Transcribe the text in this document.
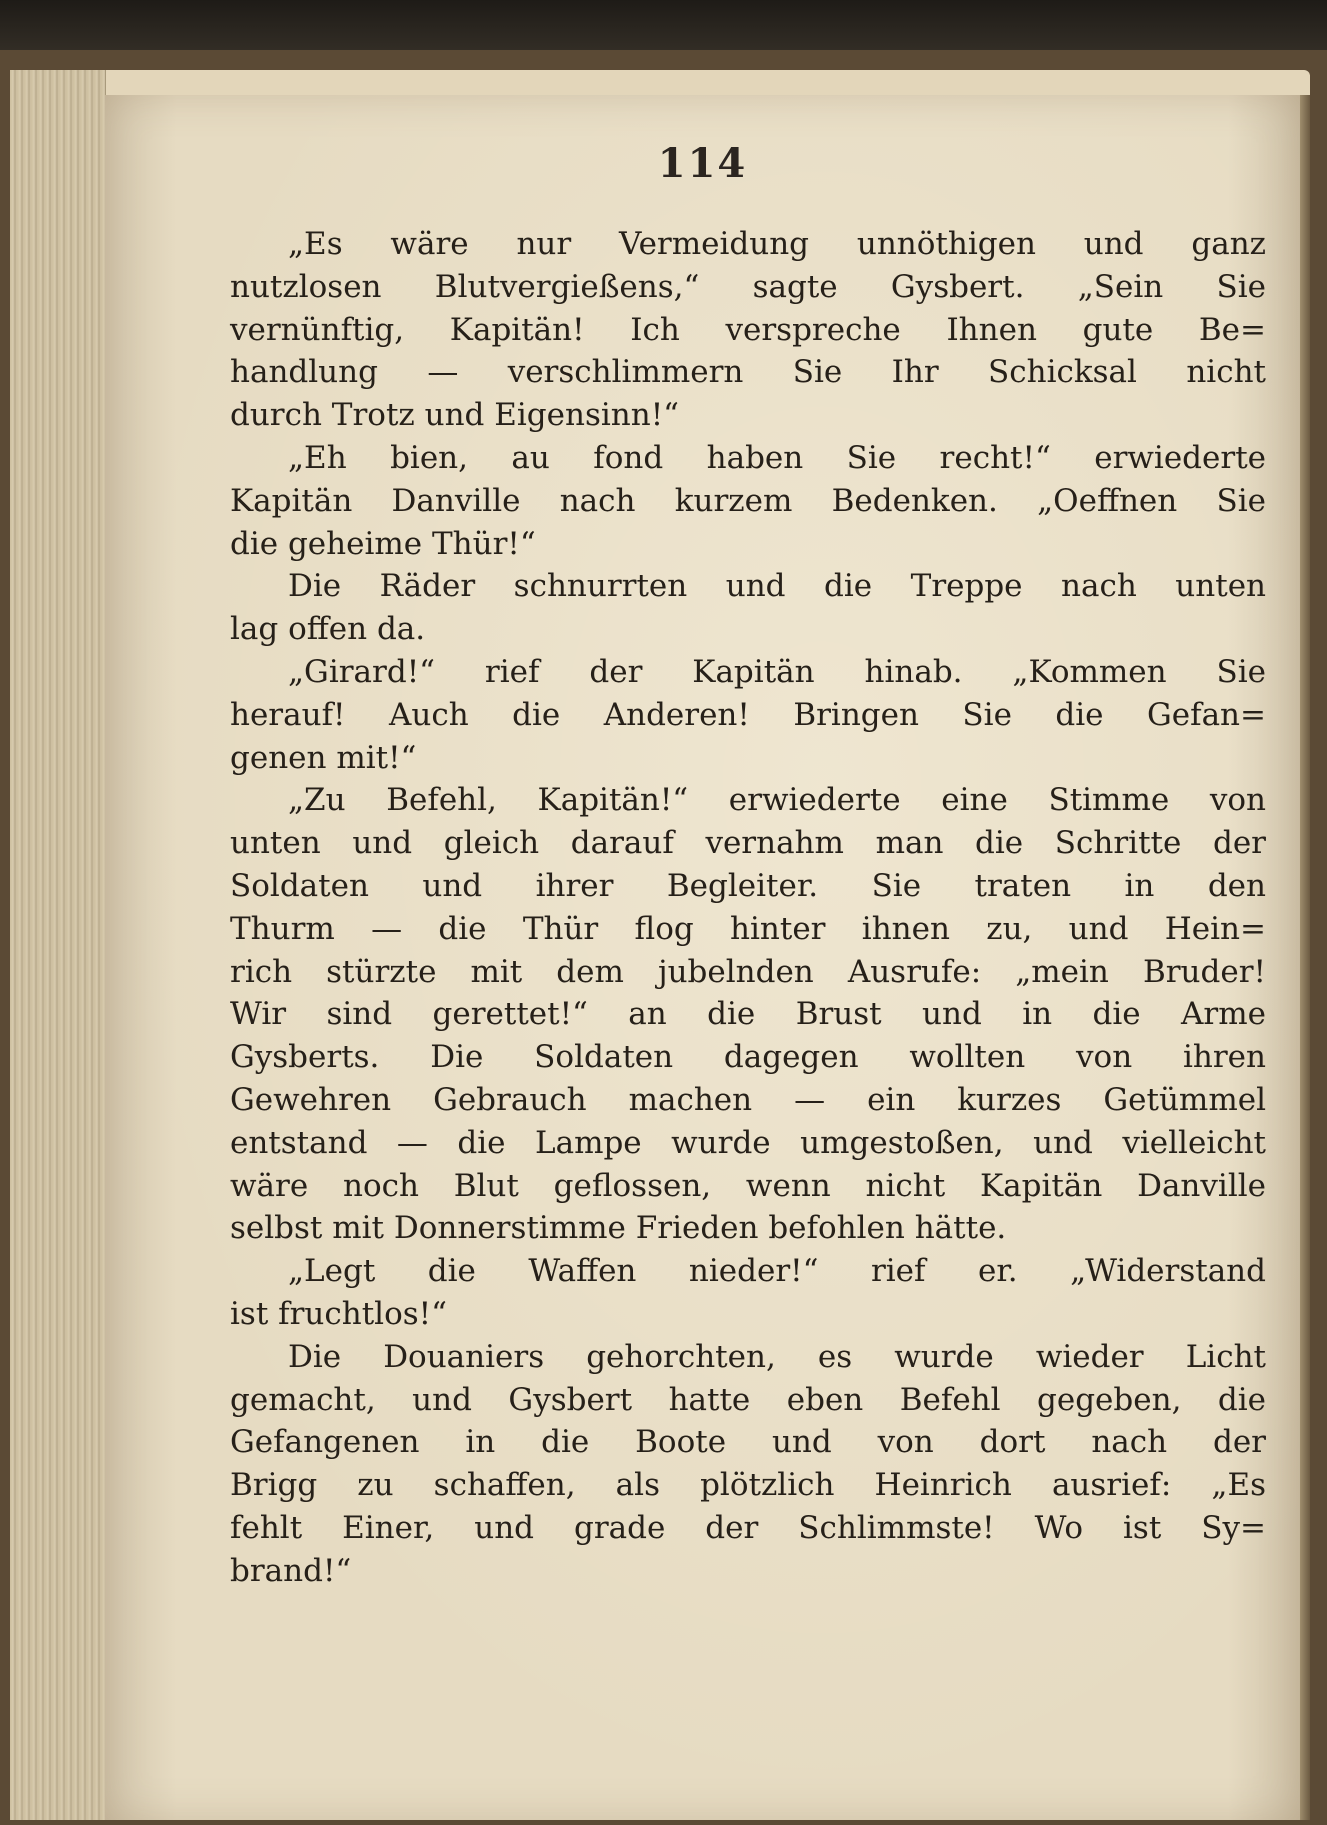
114
„Es wäre nur Vermeidung unnöthigen und ganz
nutzlosen Blutvergießens,“ sagte Gysbert. „Sein Sie
vernünftig, Kapitän! Ich verspreche Ihnen gute Be=
handlung — verschlimmern Sie Ihr Schicksal nicht
durch Trotz und Eigensinn!“
„Eh bien, au fond haben Sie recht!“ erwiederte
Kapitän Danville nach kurzem Bedenken. „Oeffnen Sie
die geheime Thür!“
Die Räder schnurrten und die Treppe nach unten
lag offen da.
„Girard!“ rief der Kapitän hinab. „Kommen Sie
herauf! Auch die Anderen! Bringen Sie die Gefan=
genen mit!“
„Zu Befehl, Kapitän!“ erwiederte eine Stimme von
unten und gleich darauf vernahm man die Schritte der
Soldaten und ihrer Begleiter. Sie traten in den
Thurm — die Thür flog hinter ihnen zu, und Hein=
rich stürzte mit dem jubelnden Ausrufe: „mein Bruder!
Wir sind gerettet!“ an die Brust und in die Arme
Gysberts. Die Soldaten dagegen wollten von ihren
Gewehren Gebrauch machen — ein kurzes Getümmel
entstand — die Lampe wurde umgestoßen, und vielleicht
wäre noch Blut geflossen, wenn nicht Kapitän Danville
selbst mit Donnerstimme Frieden befohlen hätte.
„Legt die Waffen nieder!“ rief er. „Widerstand
ist fruchtlos!“
Die Douaniers gehorchten, es wurde wieder Licht
gemacht, und Gysbert hatte eben Befehl gegeben, die
Gefangenen in die Boote und von dort nach der
Brigg zu schaffen, als plötzlich Heinrich ausrief: „Es
fehlt Einer, und grade der Schlimmste! Wo ist Sy=
brand!“
